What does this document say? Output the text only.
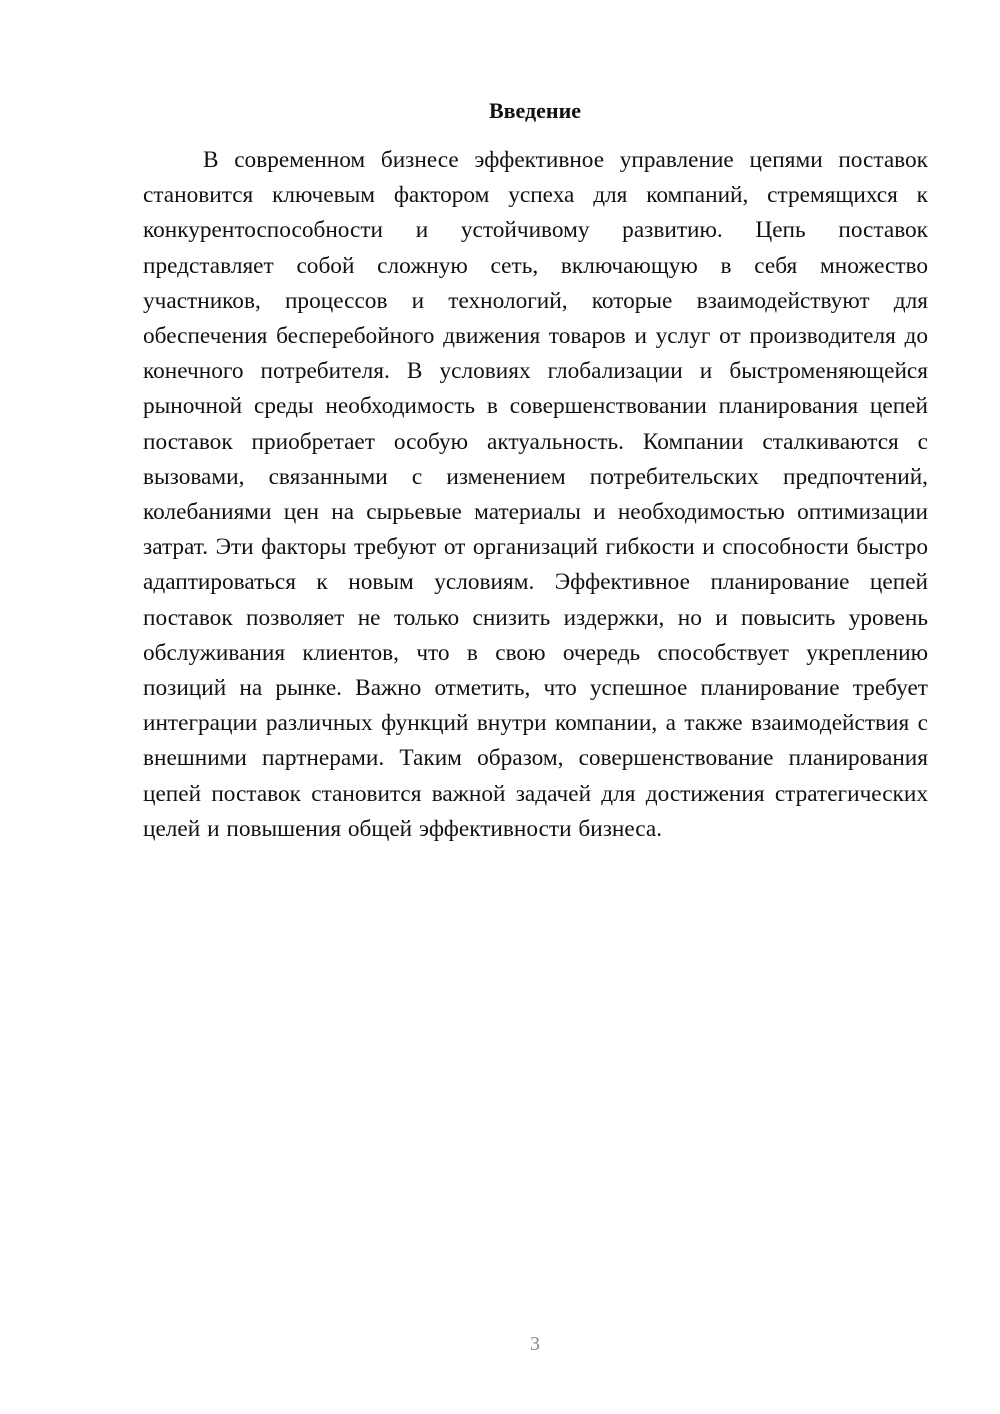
Введение

В современном бизнесе эффективное управление цепями поставок становится ключевым фактором успеха для компаний, стремящихся к конкурентоспособности и устойчивому развитию. Цепь поставок представляет собой сложную сеть, включающую в себя множество участников, процессов и технологий, которые взаимодействуют для обеспечения бесперебойного движения товаров и услуг от производителя до конечного потребителя. В условиях глобализации и быстроменяющейся рыночной среды необходимость в совершенствовании планирования цепей поставок приобретает особую актуальность. Компании сталкиваются с вызовами, связанными с изменением потребительских предпочтений, колебаниями цен на сырьевые материалы и необходимостью оптимизации затрат. Эти факторы требуют от организаций гибкости и способности быстро адаптироваться к новым условиям. Эффективное планирование цепей поставок позволяет не только снизить издержки, но и повысить уровень обслуживания клиентов, что в свою очередь способствует укреплению позиций на рынке. Важно отметить, что успешное планирование требует интеграции различных функций внутри компании, а также взаимодействия с внешними партнерами. Таким образом, совершенствование планирования цепей поставок становится важной задачей для достижения стратегических целей и повышения общей эффективности бизнеса.

3
